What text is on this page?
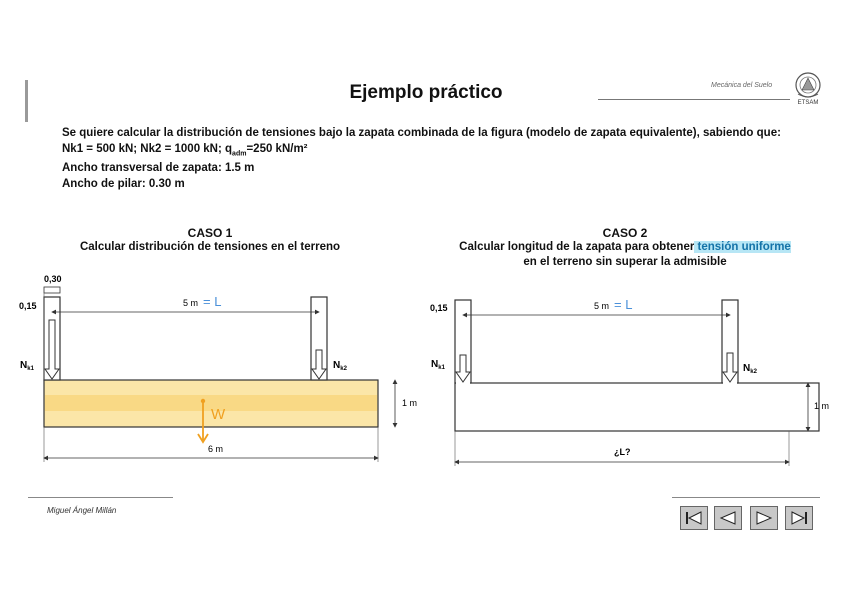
Ejemplo práctico	Mecánica del Suelo
ETSAM

Se quiere calcular la distribución de tensiones bajo la zapata combinada de la figura (modelo de zapata equivalente), sabiendo que:

Nk1 = 500 kN; Nk2 = 1000 kN; $q_{adm}=250$ kN/m²

Ancho transversal de zapata: 1.5 m

Ancho de pilar: 0.30 m

CASO 1
Calcular distribución de tensiones en el terreno
CASO 2
Calcular longitud de la zapata para obtener tensión uniforme
en el terreno sin superar la admisible
0,30
0,15	5 m = L
$N_{k1}$	$N_{k2}$
1 m
6 m
W
0,15	5 m = L
$N_{k1}$	$N_{k2}$
1 m
¿L?
Miguel Ángel Millán
